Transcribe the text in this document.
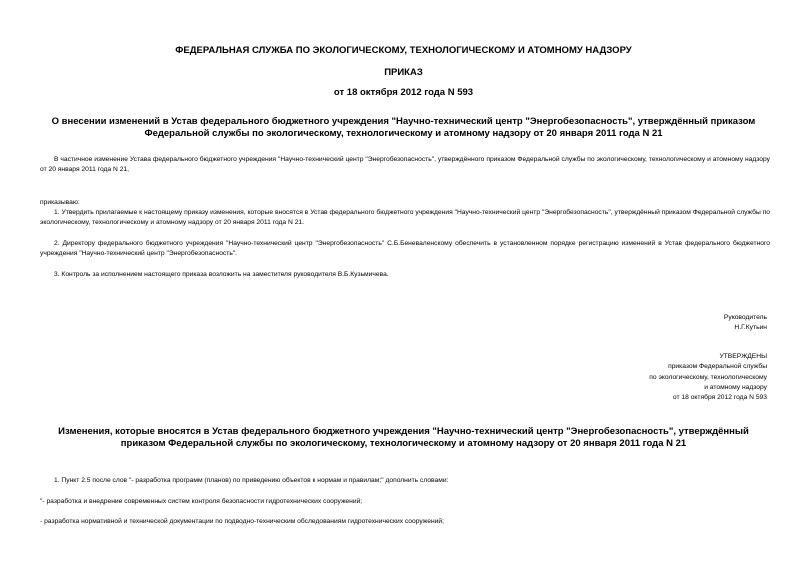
ФЕДЕРАЛЬНАЯ СЛУЖБА ПО ЭКОЛОГИЧЕСКОМУ, ТЕХНОЛОГИЧЕСКОМУ И АТОМНОМУ НАДЗОРУ
ПРИКАЗ
от 18 октября 2012 года N 593
О внесении изменений в Устав федерального бюджетного учреждения "Научно-технический центр "Энергобезопасность", утверждённый приказом Федеральной службы по экологическому, технологическому и атомному надзору от 20 января 2011 года N 21
В частичное изменение Устава федерального бюджетного учреждения "Научно-технический центр "Энергобезопасность", утверждённого приказом Федеральной службы по экологическому, технологическому и атомному надзору от 20 января 2011 года N 21,
приказываю:
1. Утвердить прилагаемые к настоящему приказу изменения, которые вносятся в Устав федерального бюджетного учреждения "Научно-технический центр "Энергобезопасность", утверждённый приказом Федеральной службы по экологическому, технологическому и атомному надзору от 20 января 2011 года N 21.
2. Директору федерального бюджетного учреждения "Научно-технический центр "Энергобезопасность" С.Б.Беневаленскому обеспечить в установленном порядке регистрацию изменений в Устав федерального бюджетного учреждения "Научно-технический центр "Энергобезопасность".
3. Контроль за исполнением настоящего приказа возложить на заместителя руководителя В.Б.Кузьмичева.
Руководитель
Н.Г.Кутьин
УТВЕРЖДЕНЫ
приказом Федеральной службы
по экологическому, технологическому
и атомному надзору
от 18 октября 2012 года N 593
Изменения, которые вносятся в Устав федерального бюджетного учреждения "Научно-технический центр "Энергобезопасность", утверждённый приказом Федеральной службы по экологическому, технологическому и атомному надзору от 20 января 2011 года N 21
1. Пункт 2.5 после слов "- разработка программ (планов) по приведению объектов к нормам и правилам;" дополнить словами:
"- разработка и внедрение современных систем контроля безопасности гидротехнических сооружений;
- разработка нормативной и технической документации по подводно-техническим обследованиям гидротехнических сооружений;
